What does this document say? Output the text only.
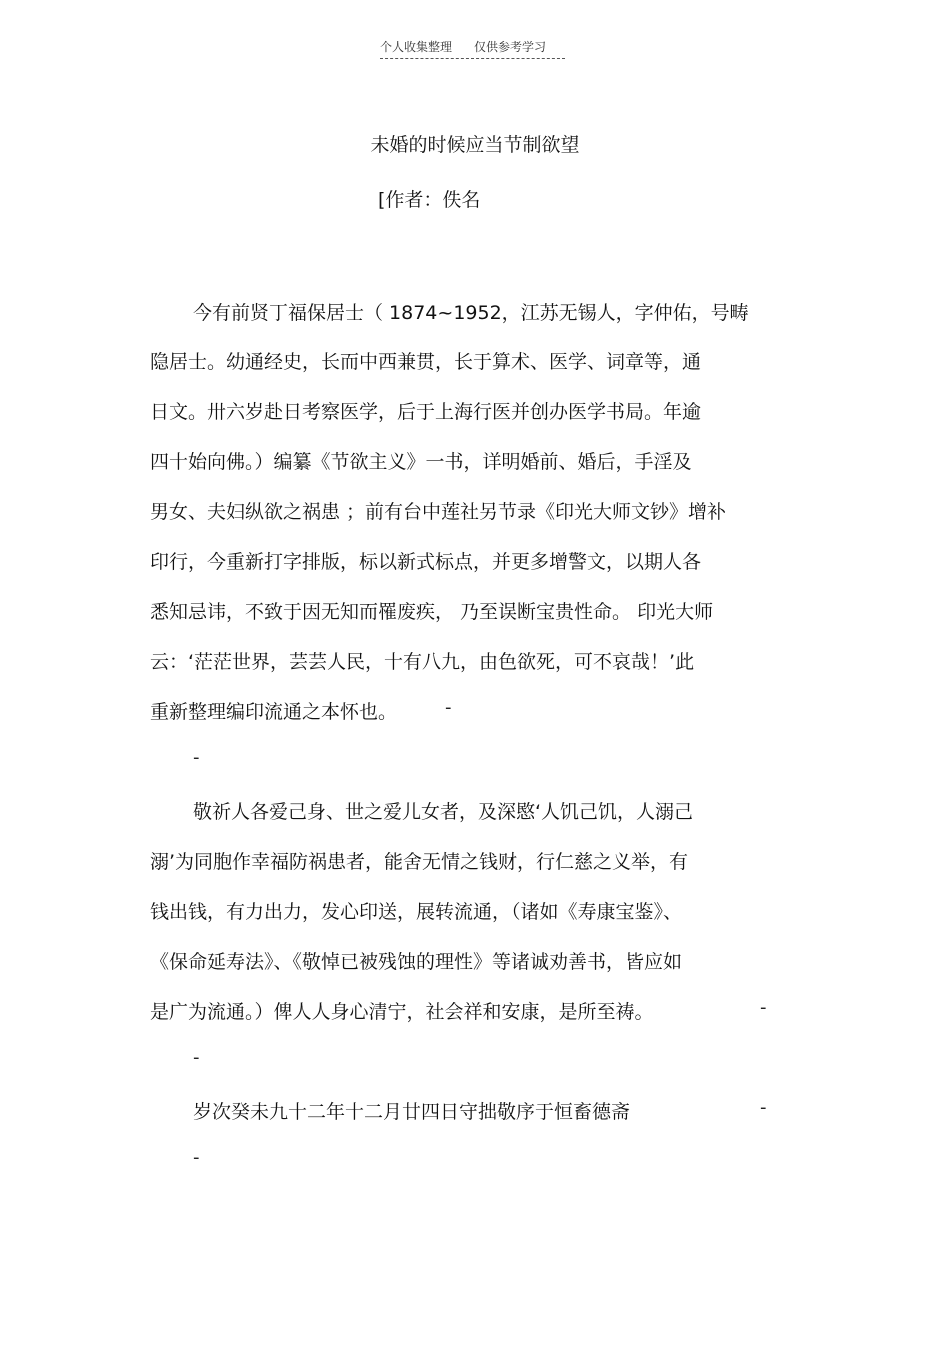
个人收集整理 仅供参考学习
未婚的时候应当节制欲望
[作者：佚名
今有前贤丁福保居士（ 1874~1952，江苏无锡人，字仲佑，号畴
隐居士。幼通经史，长而中西兼贯，长于算术、医学、词章等，通
日文。卅六岁赴日考察医学，后于上海行医并创办医学书局。年逾
四十始向佛。）编纂《节欲主义》一书，详明婚前、婚后，手淫及
男女、夫妇纵欲之祸患 ；前有台中莲社另节录《印光大师文钞》增补
印行，今重新打字排版，标以新式标点，并更多增警文，以期人各
悉知忌讳，不致于因无知而罹废疾， 乃至误断宝贵性命。 印光大师
云：‘茫茫世界，芸芸人民，十有八九，由色欲死，可不哀哉！’此
重新整理编印流通之本怀也。	-
-
敬祈人各爱己身、世之爱儿女者，及深愍‘人饥己饥，人溺己
溺’为同胞作幸福防祸患者，能舍无情之钱财，行仁慈之义举，有
钱出钱，有力出力，发心印送，展转流通，（诸如《寿康宝鉴》、
《保命延寿法》、《敬悼已被残蚀的理性》等诸诚劝善书，皆应如
是广为流通。）俾人人身心清宁，社会祥和安康，是所至祷。	-
-
岁次癸未九十二年十二月廿四日守拙敬序于恒畜德斋	-
-
